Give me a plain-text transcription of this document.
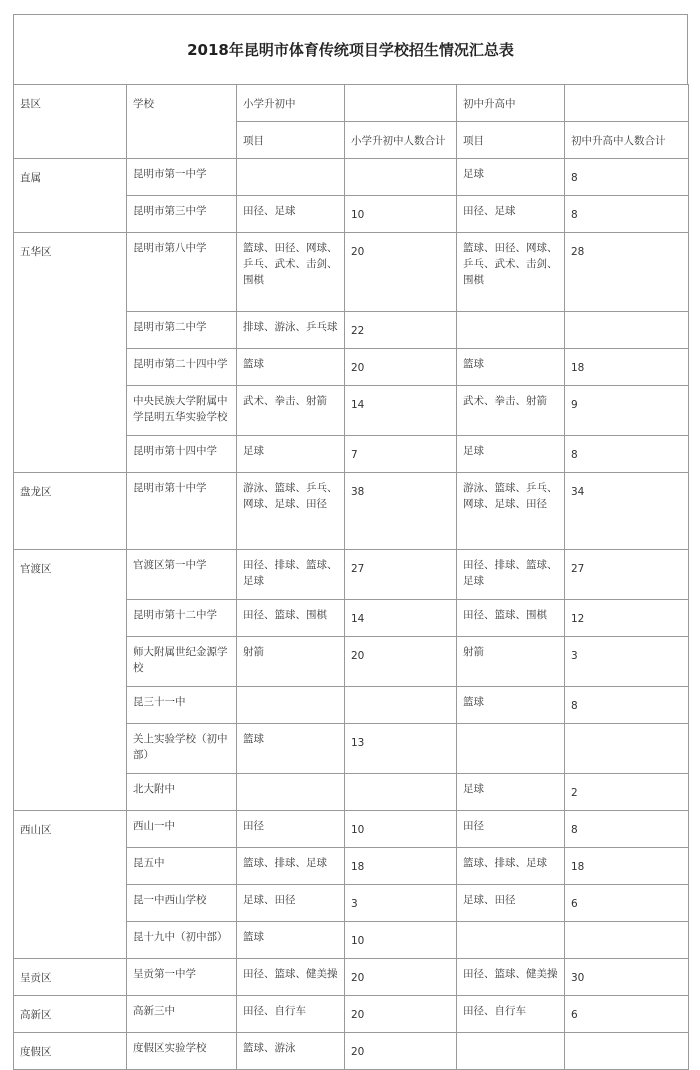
2018年昆明市体育传统项目学校招生情况汇总表
县区	学校	小学升初中		初中升高中	
		项目	小学升初中人数合计	项目	初中升高中人数合计
直属	昆明市第一中学			足球	8
	昆明市第三中学	田径、足球	10	田径、足球	8
五华区	昆明市第八中学	篮球、田径、网球、乒乓、武术、击剑、围棋	20	篮球、田径、网球、乒乓、武术、击剑、围棋	28
	昆明市第二中学	排球、游泳、乒乓球	22		
	昆明市第二十四中学	篮球	20	篮球	18
	中央民族大学附属中学昆明五华实验学校	武术、拳击、射箭	14	武术、拳击、射箭	9
	昆明市第十四中学	足球	7	足球	8
盘龙区	昆明市第十中学	游泳、篮球、乒乓、网球、足球、田径	38	游泳、篮球、乒乓、网球、足球、田径	34
官渡区	官渡区第一中学	田径、排球、篮球、足球	27	田径、排球、篮球、足球	27
	昆明市第十二中学	田径、篮球、围棋	14	田径、篮球、围棋	12
	师大附属世纪金源学校	射箭	20	射箭	3
	昆三十一中			篮球	8
	关上实验学校（初中部）	篮球	13		
	北大附中			足球	2
西山区	西山一中	田径	10	田径	8
	昆五中	篮球、排球、足球	18	篮球、排球、足球	18
	昆一中西山学校	足球、田径	3	足球、田径	6
	昆十九中（初中部）	篮球	10		
呈贡区	呈贡第一中学	田径、篮球、健美操	20	田径、篮球、健美操	30
高新区	高新三中	田径、自行车	20	田径、自行车	6
度假区	度假区实验学校	篮球、游泳	20		
